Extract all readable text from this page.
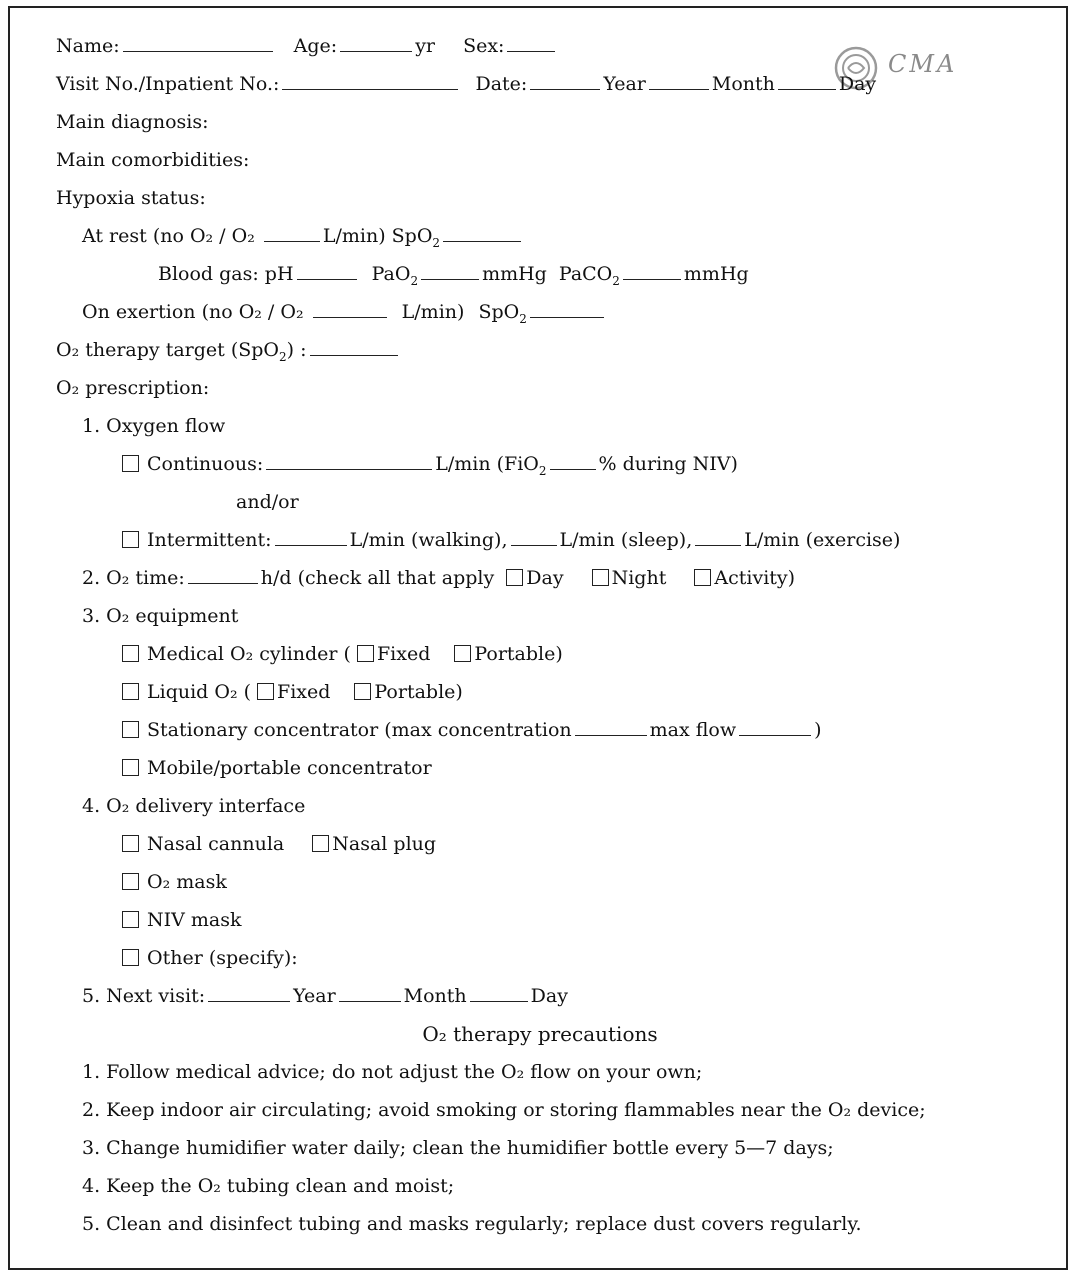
CMA
Name:	Age:	yr Sex:
Visit No./Inpatient No.:	Date:	Year	Month	Day
Main diagnosis:
Main comorbidities:
Hypoxia status:
At rest (no O₂ / O₂	L/min) SpO$_2$
Blood gas: pH	PaO$_2$	mmHg PaCO$_2$	mmHg
On exertion (no O₂ / O₂	L/min) SpO$_2$
O₂ therapy target (SpO$_2$) :
O₂ prescription:
1. Oxygen flow
Continuous:	L/min (FiO$_2$	% during NIV)
and/or
Intermittent:	L/min (walking),	L/min (sleep),	L/min (exercise)
2. O₂ time:	h/d (check all that apply Day	Night	Activity)
3. O₂ equipment
Medical O₂ cylinder ( Fixed Portable)
Liquid O₂ ( Fixed Portable)
Stationary concentrator (max concentration	max flow	)
Mobile/portable concentrator
4. O₂ delivery interface
Nasal cannula	Nasal plug
O₂ mask
NIV mask
Other (specify):
5. Next visit:	Year	Month	Day
O₂ therapy precautions
1. Follow medical advice; do not adjust the O₂ flow on your own;
2. Keep indoor air circulating; avoid smoking or storing flammables near the O₂ device;
3. Change humidifier water daily; clean the humidifier bottle every 5—7 days;
4. Keep the O₂ tubing clean and moist;
5. Clean and disinfect tubing and masks regularly; replace dust covers regularly.
